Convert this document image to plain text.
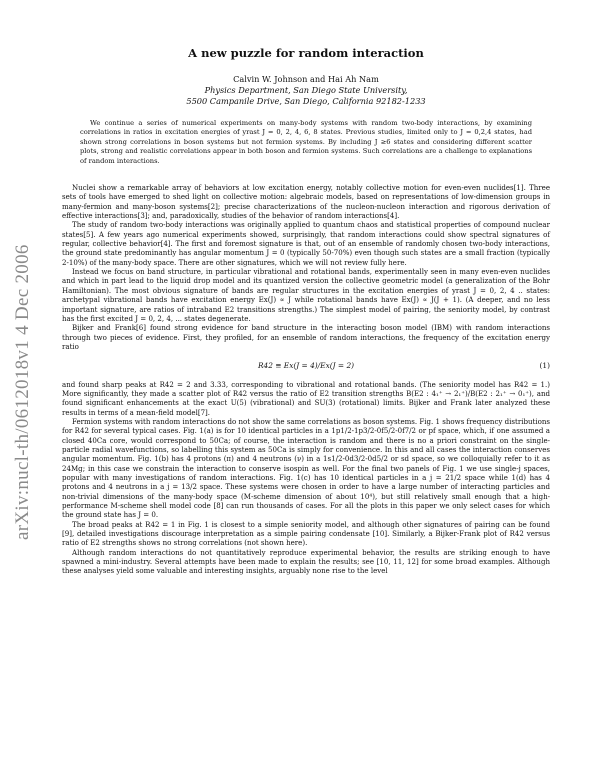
arXiv:nucl-th/0612018v1 4 Dec 2006
A new puzzle for random interaction
Calvin W. Johnson and Hai Ah Nam
Physics Department, San Diego State University,
5500 Campanile Drive, San Diego, California 92182-1233
We continue a series of numerical experiments on many-body systems with random two-body interactions, by examining correlations in ratios in excitation energies of yrast J = 0, 2, 4, 6, 8 states. Previous studies, limited only to J = 0,2,4 states, had shown strong correlations in boson systems but not fermion systems. By including J ≥6 states and considering different scatter plots, strong and realistic correlations appear in both boson and fermion systems. Such correlations are a challenge to explanations of random interactions.

Nuclei show a remarkable array of behaviors at low excitation energy, notably collective motion for even-even nuclides[1]. Three sets of tools have emerged to shed light on collective motion: algebraic models, based on representations of low-dimension groups in many-fermion and many-boson systems[2]; precise characterizations of the nucleon-nucleon interaction and rigorous derivation of effective interactions[3]; and, paradoxically, studies of the behavior of random interactions[4].

The study of random two-body interactions was originally applied to quantum chaos and statistical properties of compound nuclear states[5]. A few years ago numerical experiments showed, surprisingly, that random interactions could show spectral signatures of regular, collective behavior[4]. The first and foremost signature is that, out of an ensemble of randomly chosen two-body interactions, the ground state predominantly has angular momentum J = 0 (typically 50-70%) even though such states are a small fraction (typically 2-10%) of the many-body space. There are other signatures, which we will not review fully here.

Instead we focus on band structure, in particular vibrational and rotational bands, experimentally seen in many even-even nuclides and which in part lead to the liquid drop model and its quantized version the collective geometric model (a generalization of the Bohr Hamiltonian). The most obvious signature of bands are regular structures in the excitation energies of yrast J = 0, 2, 4 .. states: archetypal vibrational bands have excitation energy Ex(J) ∝ J while rotational bands have Ex(J) ∝ J(J + 1). (A deeper, and no less important signature, are ratios of intraband E2 transitions strengths.) The simplest model of pairing, the seniority model, by contrast has the first excited J = 0, 2, 4, ... states degenerate.

Bijker and Frank[6] found strong evidence for band structure in the interacting boson model (IBM) with random interactions through two pieces of evidence. First, they profiled, for an ensemble of random interactions, the frequency of the excitation energy ratio

R42 ≡ Ex(J = 4)/Ex(J = 2)	(1)

and found sharp peaks at R42 = 2 and 3.33, corresponding to vibrational and rotational bands. (The seniority model has R42 = 1.) More significantly, they made a scatter plot of R42 versus the ratio of E2 transition strengths B(E2 : 4₁⁺ → 2₁⁺)/B(E2 : 2₁⁺ → 0₁⁺), and found significant enhancements at the exact U(5) (vibrational) and SU(3) (rotational) limits. Bijker and Frank later analyzed these results in terms of a mean-field model[7].

Fermion systems with random interactions do not show the same correlations as boson systems. Fig. 1 shows frequency distributions for R42 for several typical cases. Fig. 1(a) is for 10 identical particles in a 1p1/2-1p3/2-0f5/2-0f7/2 or pf space, which, if one assumed a closed 40Ca core, would correspond to 50Ca; of course, the interaction is random and there is no a priori constraint on the single-particle radial wavefunctions, so labelling this system as 50Ca is simply for convenience. In this and all cases the interaction conserves angular momentum. Fig. 1(b) has 4 protons (π) and 4 neutrons (ν) in a 1s1/2-0d3/2-0d5/2 or sd space, so we colloquially refer to it as 24Mg; in this case we constrain the interaction to conserve isospin as well. For the final two panels of Fig. 1 we use single-j spaces, popular with many investigations of random interactions. Fig. 1(c) has 10 identical particles in a j = 21/2 space while 1(d) has 4 protons and 4 neutrons in a j = 13/2 space. These systems were chosen in order to have a large number of interacting particles and non-trivial dimensions of the many-body space (M-scheme dimension of about 10⁴), but still relatively small enough that a high-performance M-scheme shell model code [8] can run thousands of cases. For all the plots in this paper we only select cases for which the ground state has J = 0.

The broad peaks at R42 = 1 in Fig. 1 is closest to a simple seniority model, and although other signatures of pairing can be found [9], detailed investigations discourage interpretation as a simple pairing condensate [10]. Similarly, a Bijker-Frank plot of R42 versus ratio of E2 strengths shows no strong correlations (not shown here).

Although random interactions do not quantitatively reproduce experimental behavior, the results are striking enough to have spawned a mini-industry. Several attempts have been made to explain the results; see [10, 11, 12] for some broad examples. Although these analyses yield some valuable and interesting insights, arguably none rise to the level
